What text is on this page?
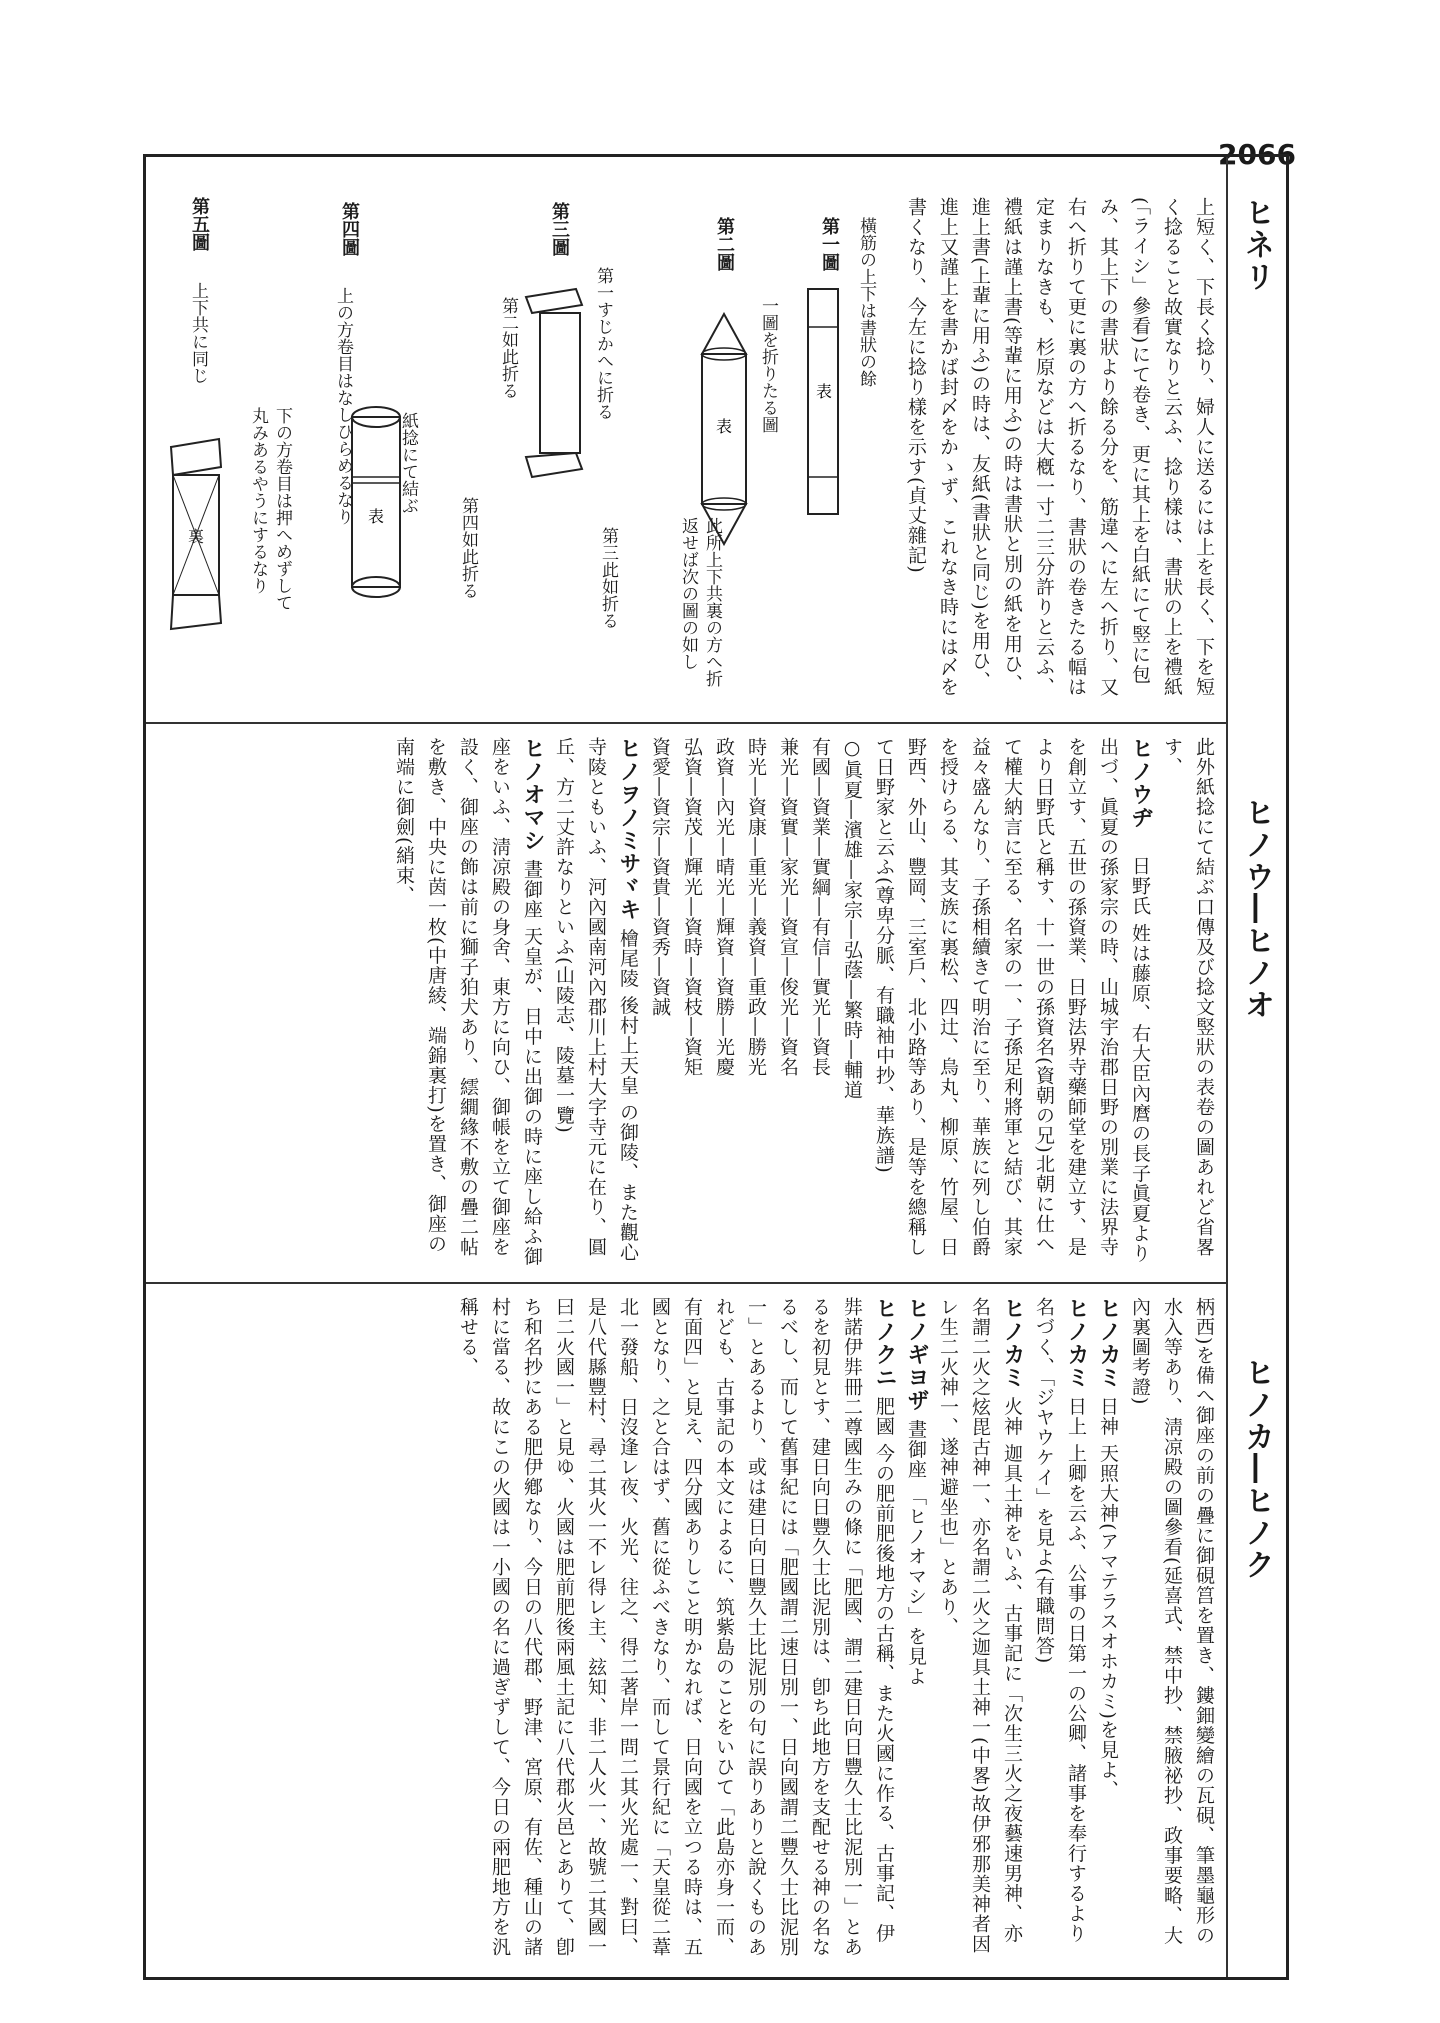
2066
ヒネリ
ヒノウ―ヒノオ
ヒノカ―ヒノク

上短く、下長く捻り、婦人に送るには上を長く、下を短く捻ること故實なりと云ふ、捻り樣は、書狀の上を禮紙(「ライシ」參看)にて卷き、更に其上を白紙にて竪に包み、其上下の書狀より餘る分を、筋違へに左へ折り、又右へ折りて更に裏の方へ折るなり、書狀の卷きたる幅は定まりなきも、杉原などは大槪一寸二三分許りと云ふ、禮紙は謹上書(等輩に用ふ)の時は書狀と別の紙を用ひ、進上書(上輩に用ふ)の時は、友紙(書狀と同じ)を用ひ、進上又謹上を書かば封〆をかゝず、これなき時には〆を書くなり、今左に捻り樣を示す(貞丈雜記)

第一圖 橫筋の上下は書狀の餘
表
第二圖
一圖を折りたる圖
此所上下共裏の方へ折返せば次の圖の如し
表
第三圖
第一すじかへに折る
第二如此折る
第三此如折る
第四圖
上の方卷目はなしひらめるなり
下の方卷目は押へめずして丸みあるやうにするなり	紙捻にて結ぶ
第四如此折る
表
第五圖
上下共に同じ
裏

此外紙捻にて結ぶ口傳及び捻文竪狀の表卷の圖あれど省畧す、

ヒノウヂ 日野氏 姓は藤原、右大臣內麿の長子眞夏より出づ、眞夏の孫家宗の時、山城宇治郡日野の別業に法界寺を創立す、五世の孫資業、日野法界寺藥師堂を建立す、是より日野氏と稱す、十一世の孫資名(資朝の兄)北朝に仕へて權大納言に至る、名家の一、子孫足利將軍と結び、其家益々盛んなり、子孫相續きて明治に至り、華族に列し伯爵を授けらる、其支族に裏松、四辻、烏丸、柳原、竹屋、日野西、外山、豐岡、三室戶、北小路等あり、是等を總稱して日野家と云ふ(尊卑分脈、有職袖中抄、華族譜)

○眞夏―濱雄―家宗―弘蔭―繁時―輔道

有國―資業―實綱―有信―實光―資長

兼光―資實―家光―資宣―俊光―資名

時光―資康―重光―義資―重政―勝光

政資―內光―晴光―輝資―資勝―光慶

弘資―資茂―輝光―資時―資枝―資矩

資愛―資宗―資貴―資秀―資誠

ヒノヲノミサヾキ 檜尾陵 後村上天皇 の御陵、また觀心寺陵ともいふ、河內國南河內郡川上村大字寺元に在り、圓丘、方二丈許なりといふ(山陵志、陵墓一覽)

ヒノオマシ 晝御座 天皇が、日中に出御の時に座し給ふ御座をいふ、淸凉殿の身舍、東方に向ひ、御帳を立て御座を設く、御座の飾は前に獅子狛犬あり、繧繝緣不敷の疊二帖を敷き、中央に茵一枚(中唐綾、端錦裏打)を置き、御座の南端に御劍(綃束、

柄西)を備へ御座の前の疊に御硯筥を置き、鏤鈿變繪の瓦硯、筆墨龜形の水入等あり、淸凉殿の圖參看(延喜式、禁中抄、禁腋祕抄、政事要略、大內裏圖考證)

ヒノカミ 日神 天照大神(アマテラスオホカミ)を見よ、

ヒノカミ 日上 上卿を云ふ、公事の日第一の公卿、諸事を奉行するより名づく、「ジヤウケイ」を見よ(有職問答)

ヒノカミ 火神 迦具土神をいふ、古事記に「次生三火之夜藝速男神、亦名謂二火之炫毘古神一、亦名謂二火之迦具土神一(中畧)故伊邪那美神者因レ生二火神一、遂神避坐也」とあり、

ヒノギヨザ 晝御座 「ヒノオマシ」を見よ

ヒノクニ 肥國 今の肥前肥後地方の古稱、また火國に作る、古事記、伊弉諾伊弉冊二尊國生みの條に「肥國、謂二建日向日豐久士比泥別一」とあるを初見とす、建日向日豐久士比泥別は、卽ち此地方を支配せる神の名なるべし、而して舊事紀には「肥國謂二速日別一、日向國謂二豐久士比泥別一」とあるより、或は建日向日豐久士比泥別の句に誤りありと說くものあれども、古事記の本文によるに、筑紫島のことをいひて「此島亦身一而、有面四」と見え、四分國ありしこと明かなれば、日向國を立つる時は、五國となり、之と合はず、舊に從ふべきなり、而して景行紀に「天皇從二葦北一發船、日沒逢レ夜、火光、往之、得二著岸一問二其火光處一、對曰、是八代縣豐村、尋二其火一不レ得レ主、玆知、非二人火一、故號二其國一曰二火國一」と見ゆ、火國は肥前肥後兩風土記に八代郡火邑とありて、卽ち和名抄にある肥伊鄕なり、今日の八代郡、野津、宮原、有佐、種山の諸村に當る、故にこの火國は一小國の名に過ぎずして、今日の兩肥地方を汎稱せる、
